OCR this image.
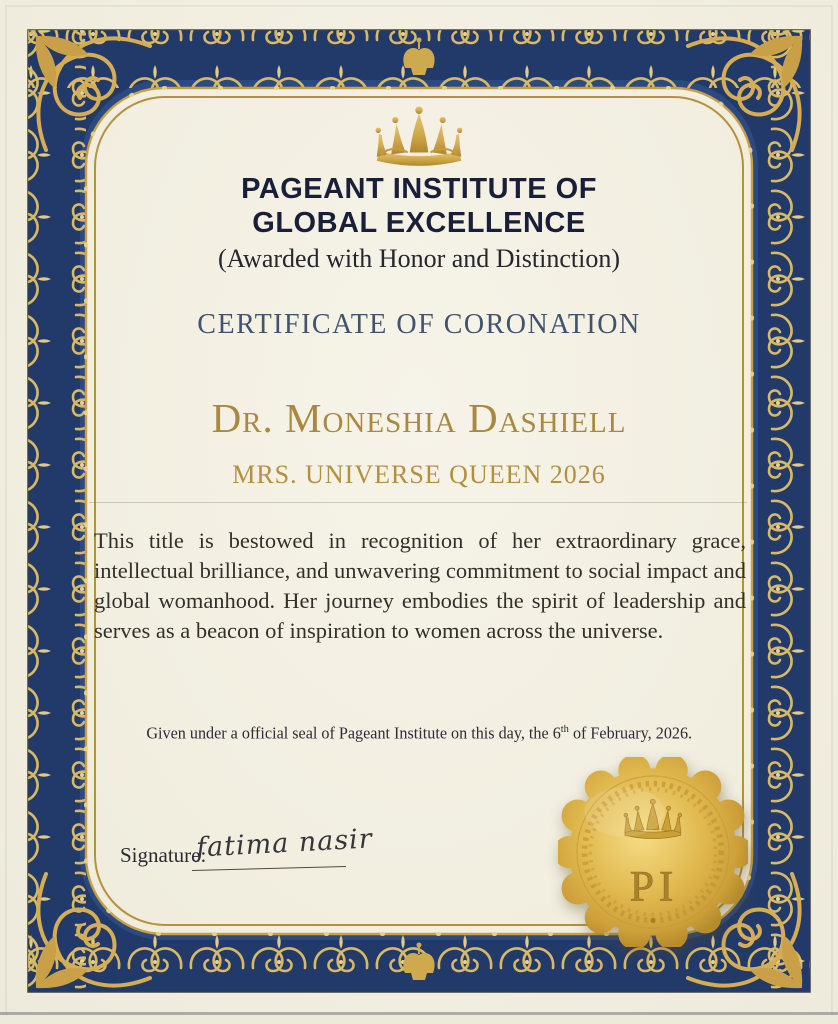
PAGEANT INSTITUTE OF
GLOBAL EXCELLENCE
(Awarded with Honor and Distinction)
CERTIFICATE OF CORONATION
Dr. Moneshia Dashiell
MRS. UNIVERSE QUEEN 2026
This title is bestowed in recognition of her extraordinary grace, intellectual brilliance, and unwavering commitment to social impact and global womanhood. Her journey embodies the spirit of leadership and serves as a beacon of inspiration to women across the universe.
Given under a official seal of Pageant Institute on this day, the 6th of February, 2026.
Signature:
fatima nasir
PI
